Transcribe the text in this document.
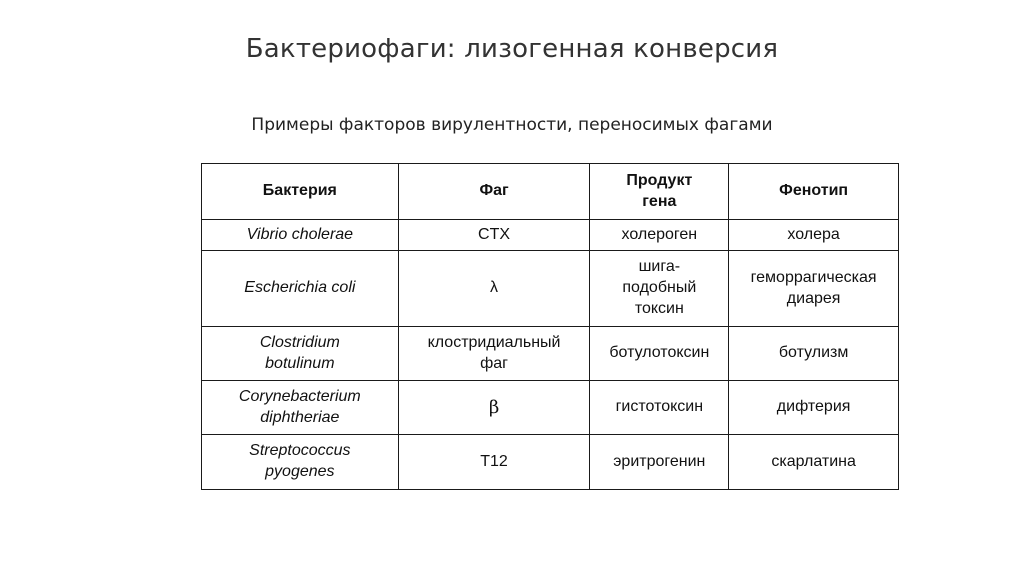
Бактериофаги: лизогенная конверсия
Примеры факторов вирулентности, переносимых фагами
Бактерия	Фаг	Продукт гена	Фенотип
Vibrio cholerae	CTX	холероген	холера
Escherichia coli	λ	шига-подобный токсин	геморрагическая диарея
Clostridium botulinum	клостридиальный фаг	ботулотоксин	ботулизм
Corynebacterium diphtheriae	β	гистотоксин	дифтерия
Streptococcus pyogenes	T12	эритрогенин	скарлатина
